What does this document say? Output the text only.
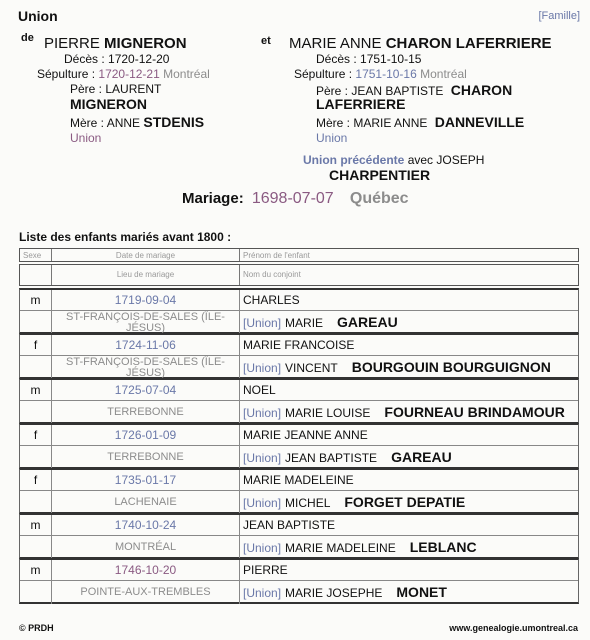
Union	[Famille]
de PIERRE MIGNERON
Décès : 1720-12-20
Sépulture : 1720-12-21 Montréal
Père : LAURENT
MIGNERON
Mère : ANNE STDENIS
Union
et MARIE ANNE CHARON LAFERRIERE
Décès : 1751-10-15
Sépulture : 1751-10-16 Montréal
Père : JEAN BAPTISTE CHARON
LAFERRIERE
Mère : MARIE ANNE DANNEVILLE
Union
Union précédente avec JOSEPH
CHARPENTIER
Mariage: 1698-07-07 Québec
Liste des enfants mariés avant 1800 :
Sexe	Date de mariage	Prénom de l'enfant
Lieu de mariage	Nom du conjoint
m	1719-09-04	CHARLES
ST-FRANÇOIS-DE-SALES (ÎLE-
JÉSUS)	[Union] MARIE GAREAU
f	1724-11-06	MARIE FRANCOISE
ST-FRANÇOIS-DE-SALES (ÎLE-
JÉSUS)	[Union] VINCENT BOURGOUIN BOURGUIGNON
m	1725-07-04	NOEL
TERREBONNE	[Union] MARIE LOUISE FOURNEAU BRINDAMOUR
f	1726-01-09	MARIE JEANNE ANNE
TERREBONNE	[Union] JEAN BAPTISTE GAREAU
f	1735-01-17	MARIE MADELEINE
LACHENAIE	[Union] MICHEL FORGET DEPATIE
m	1740-10-24	JEAN BAPTISTE
MONTRÉAL	[Union] MARIE MADELEINE LEBLANC
m	1746-10-20	PIERRE
POINTE-AUX-TREMBLES	[Union] MARIE JOSEPHE MONET
© PRDH	www.genealogie.umontreal.ca
